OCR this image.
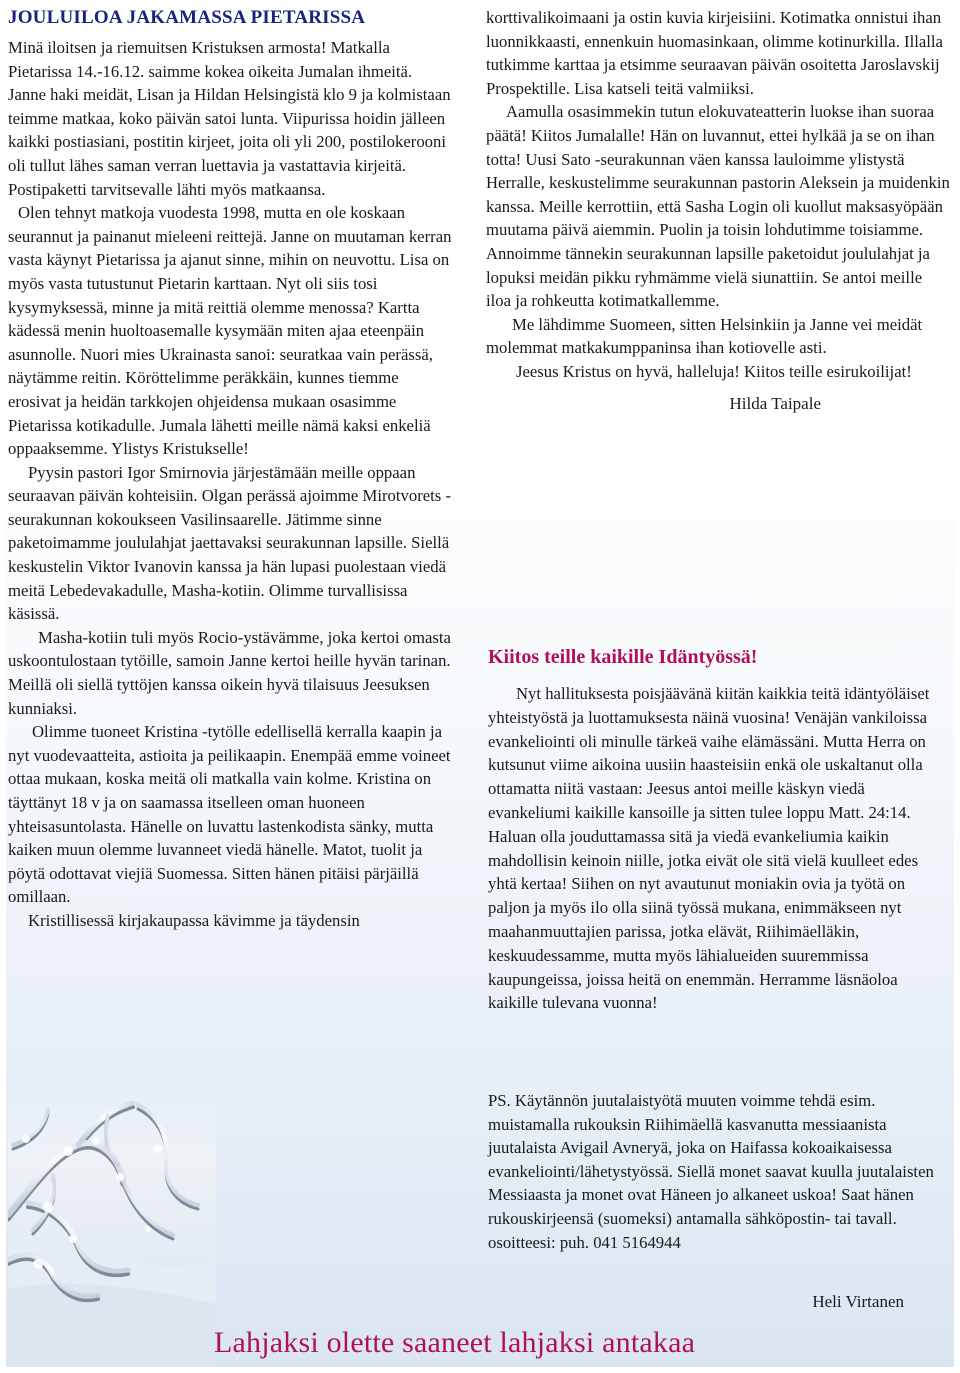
JOULUILOA JAKAMASSA PIETARISSA

Minä iloitsen ja riemuitsen Kristuksen armosta! Matkalla Pietarissa 14.-16.12. saimme kokea oikeita Jumalan ihmeitä. Janne haki meidät, Lisan ja Hildan Helsingistä klo 9 ja kolmistaan teimme matkaa, koko päivän satoi lunta. Viipurissa hoidin jälleen kaikki postiasiani, postitin kirjeet, joita oli yli 200, postilokerooni oli tullut lähes saman verran luettavia ja vastattavia kirjeitä. Postipaketti tarvitsevalle lähti myös matkaansa.

Olen tehnyt matkoja vuodesta 1998, mutta en ole koskaan seurannut ja painanut mieleeni reittejä. Janne on muutaman kerran vasta käynyt Pietarissa ja ajanut sinne, mihin on neuvottu. Lisa on myös vasta tutustunut Pietarin karttaan. Nyt oli siis tosi kysymyksessä, minne ja mitä reittiä olemme menossa? Kartta kädessä menin huoltoasemalle kysymään miten ajaa eteenpäin asunnolle. Nuori mies Ukrainasta sanoi: seuratkaa vain perässä, näytämme reitin. Köröttelimme peräkkäin, kunnes tiemme erosivat ja heidän tarkkojen ohjeidensa mukaan osasimme Pietarissa kotikadulle. Jumala lähetti meille nämä kaksi enkeliä oppaaksemme. Ylistys Kristukselle!

Pyysin pastori Igor Smirnovia järjestämään meille oppaan seuraavan päivän kohteisiin. Olgan perässä ajoimme Mirotvorets -seurakunnan kokoukseen Vasilinsaarelle. Jätimme sinne paketoimamme joululahjat jaettavaksi seurakunnan lapsille. Siellä keskustelin Viktor Ivanovin kanssa ja hän lupasi puolestaan viedä meitä Lebedevakadulle, Masha-kotiin. Olimme turvallisissa käsissä.

Masha-kotiin tuli myös Rocio-ystävämme, joka kertoi omasta uskoontulostaan tytöille, samoin Janne kertoi heille hyvän tarinan. Meillä oli siellä tyttöjen kanssa oikein hyvä tilaisuus Jeesuksen kunniaksi.

Olimme tuoneet Kristina -tytölle edellisellä kerralla kaapin ja nyt vuodevaatteita, astioita ja peilikaapin. Enempää emme voineet ottaa mukaan, koska meitä oli matkalla vain kolme. Kristina on täyttänyt 18 v ja on saamassa itselleen oman huoneen yhteisasuntolasta. Hänelle on luvattu lastenkodista sänky, mutta kaiken muun olemme luvanneet viedä hänelle. Matot, tuolit ja pöytä odottavat viejiä Suomessa. Sitten hänen pitäisi pärjäillä omillaan.

Kristillisessä kirjakaupassa kävimme ja täydensin

korttivalikoimaani ja ostin kuvia kirjeisiini. Kotimatka onnistui ihan luonnikkaasti, ennenkuin huomasinkaan, olimme kotinurkilla. Illalla tutkimme karttaa ja etsimme seuraavan päivän osoitetta Jaroslavskij Prospektille. Lisa katseli teitä valmiiksi.

Aamulla osasimmekin tutun elokuvateatterin luokse ihan suoraa päätä! Kiitos Jumalalle! Hän on luvannut, ettei hylkää ja se on ihan totta! Uusi Sato -seurakunnan väen kanssa lauloimme ylistystä Herralle, keskustelimme seurakunnan pastorin Aleksein ja muidenkin kanssa. Meille kerrottiin, että Sasha Login oli kuollut maksasyöpään muutama päivä aiemmin. Puolin ja toisin lohdutimme toisiamme. Annoimme tännekin seurakunnan lapsille paketoidut joululahjat ja lopuksi meidän pikku ryhmämme vielä siunattiin. Se antoi meille iloa ja rohkeutta kotimatkallemme.

Me lähdimme Suomeen, sitten Helsinkiin ja Janne vei meidät molemmat matkakumppaninsa ihan kotiovelle asti.

Jeesus Kristus on hyvä, halleluja! Kiitos teille esirukoilijat!

Hilda Taipale
Kiitos teille kaikille Idäntyössä!

Nyt hallituksesta poisjäävänä kiitän kaikkia teitä idäntyöläiset yhteistyöstä ja luottamuksesta näinä vuosina! Venäjän vankiloissa evankeliointi oli minulle tärkeä vaihe elämässäni. Mutta Herra on kutsunut viime aikoina uusiin haasteisiin enkä ole uskaltanut olla ottamatta niitä vastaan: Jeesus antoi meille käskyn viedä evankeliumi kaikille kansoille ja sitten tulee loppu Matt. 24:14. Haluan olla jouduttamassa sitä ja viedä evankeliumia kaikin mahdollisin keinoin niille, jotka eivät ole sitä vielä kuulleet edes yhtä kertaa! Siihen on nyt avautunut moniakin ovia ja työtä on paljon ja myös ilo olla siinä työssä mukana, enimmäkseen nyt maahanmuuttajien parissa, jotka elävät, Riihimäelläkin, keskuudessamme, mutta myös lähialueiden suuremmissa kaupungeissa, joissa heitä on enemmän. Herramme läsnäoloa kaikille tulevana vuonna!

PS. Käytännön juutalaistyötä muuten voimme tehdä esim. muistamalla rukouksin Riihimäellä kasvanutta messiaanista juutalaista Avigail Avneryä, joka on Haifassa kokoaikaisessa evankeliointi/lähetystyössä. Siellä monet saavat kuulla juutalaisten Messiaasta ja monet ovat Häneen jo alkaneet uskoa! Saat hänen rukouskirjeensä (suomeksi) antamalla sähköpostin- tai tavall. osoitteesi: puh. 041 5164944

Heli Virtanen
Lahjaksi olette saaneet lahjaksi antakaa
